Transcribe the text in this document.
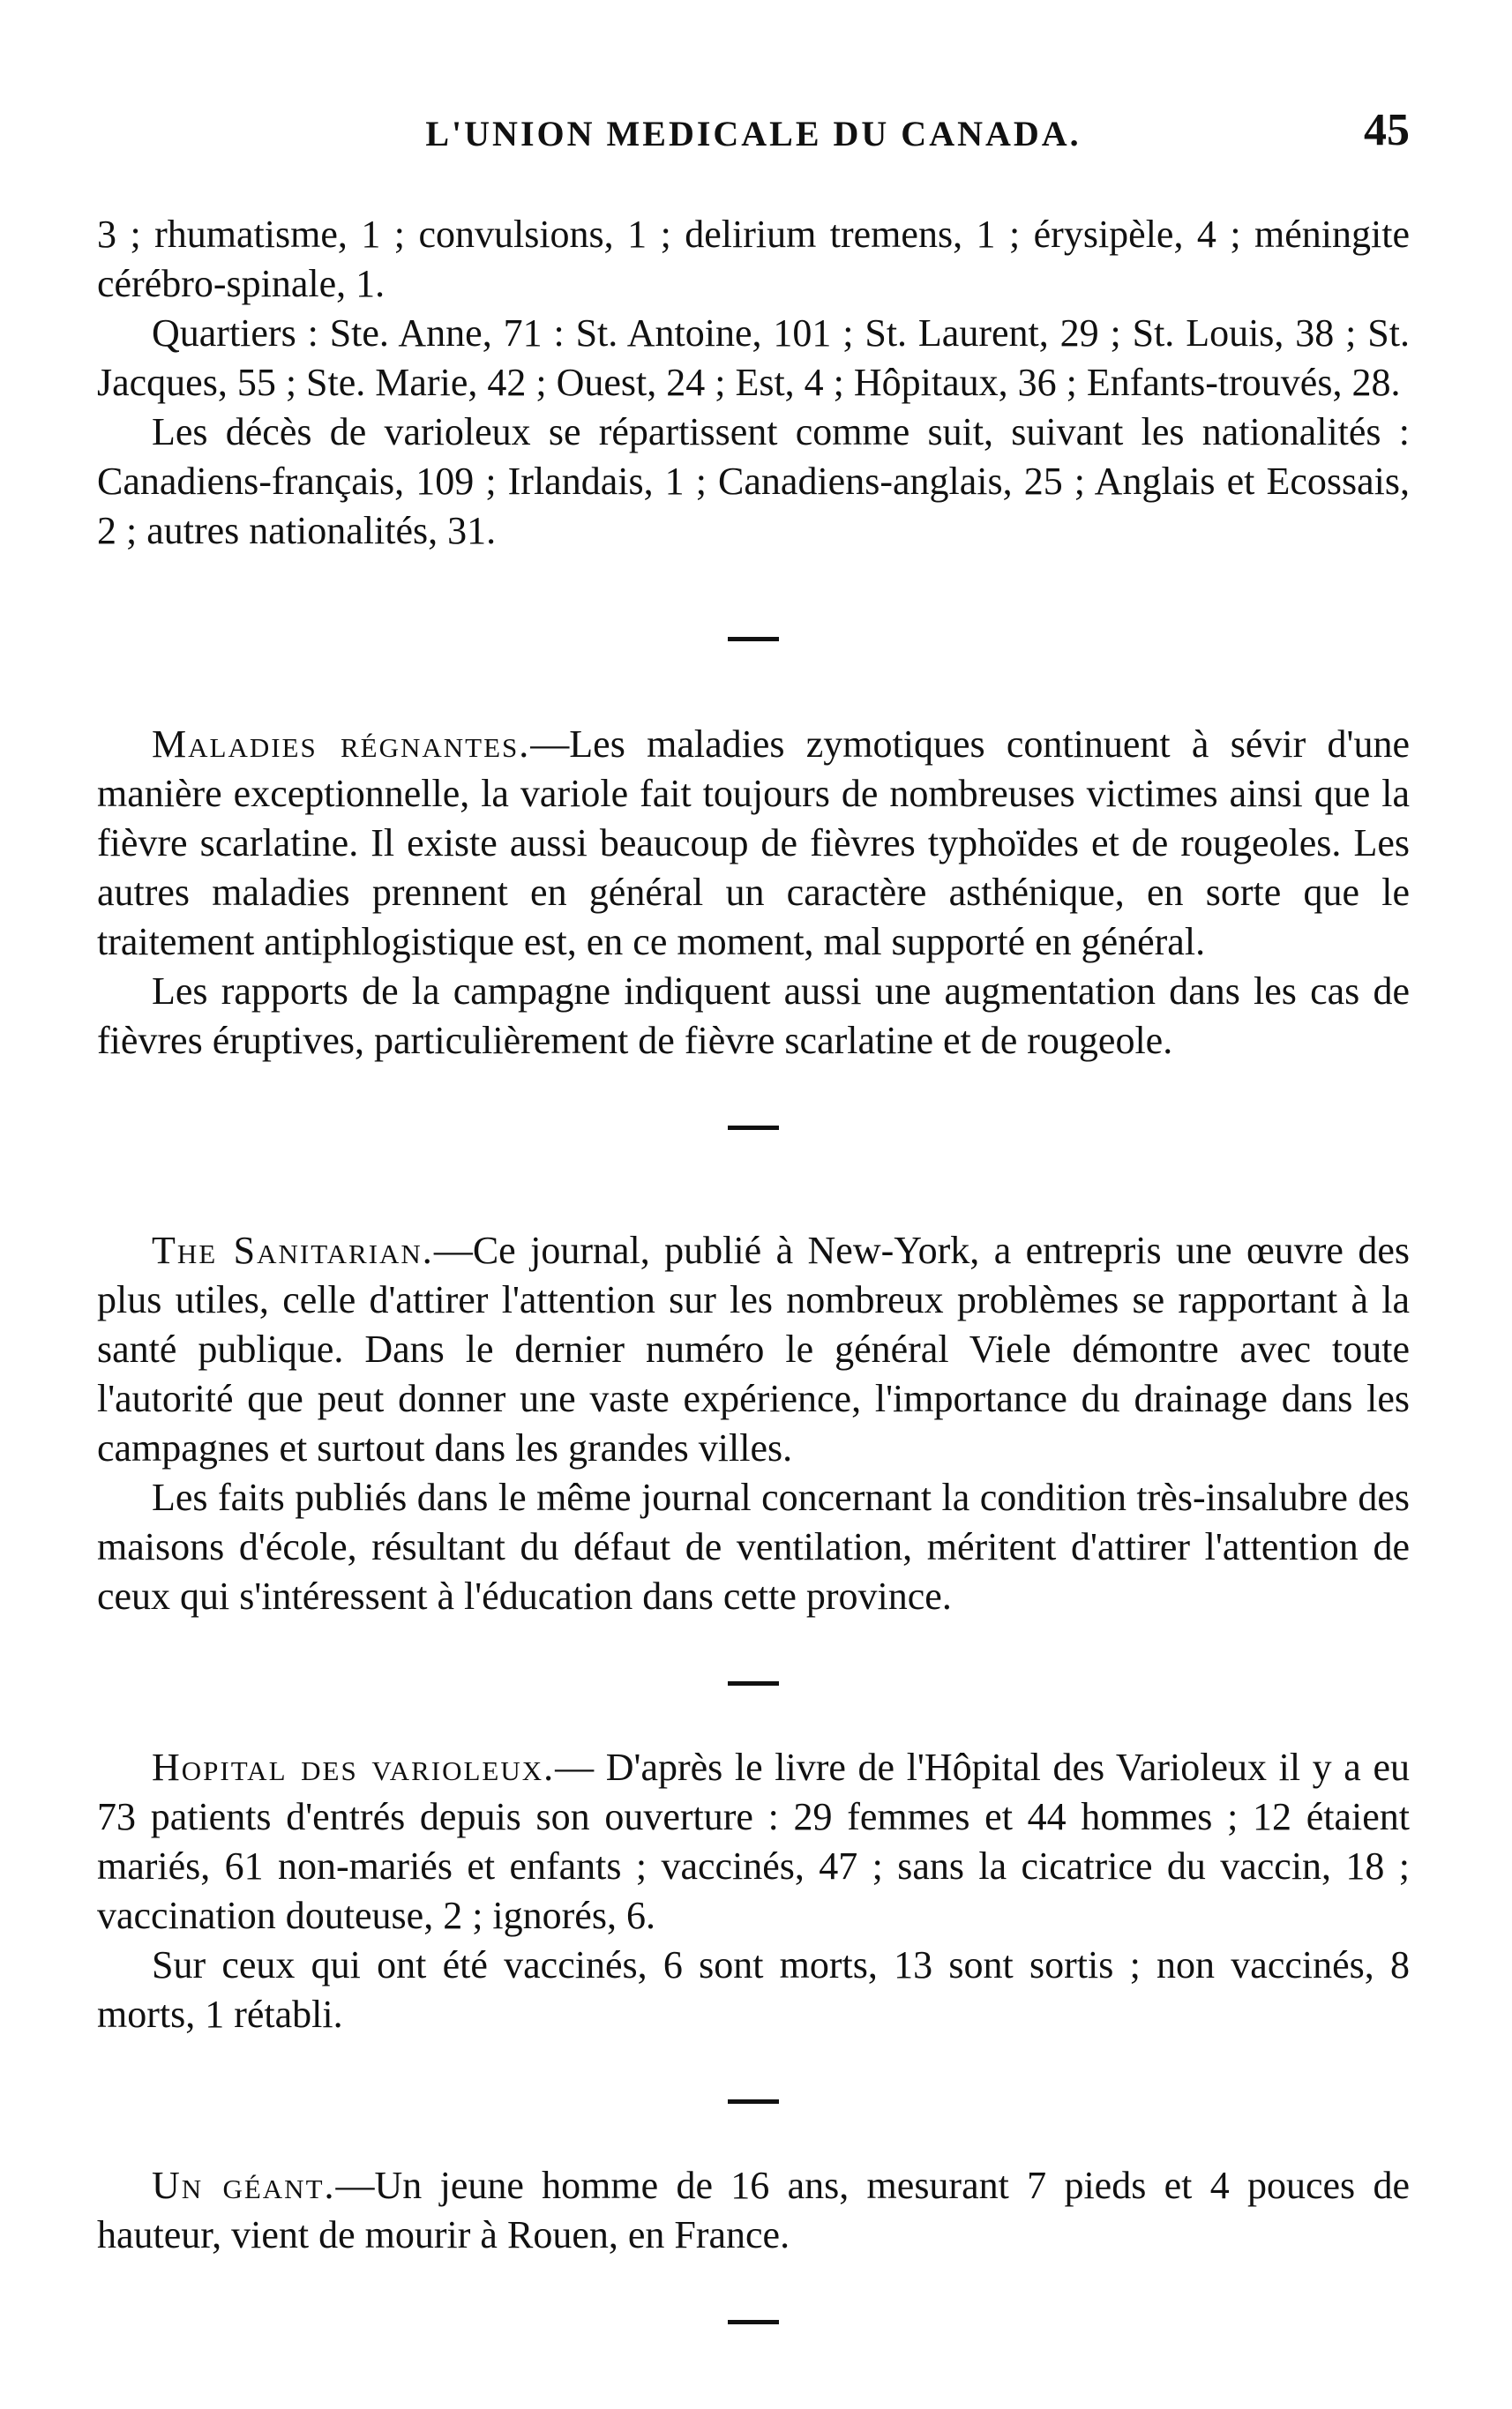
L'UNION MEDICALE DU CANADA.	45

3 ; rhumatisme, 1 ; convulsions, 1 ; delirium tremens, 1 ; érysipèle, 4 ; méningite cérébro-spinale, 1.

Quartiers : Ste. Anne, 71 : St. Antoine, 101 ; St. Laurent, 29 ; St. Louis, 38 ; St. Jacques, 55 ; Ste. Marie, 42 ; Ouest, 24 ; Est, 4 ; Hôpitaux, 36 ; Enfants-trouvés, 28.

Les décès de varioleux se répartissent comme suit, suivant les nationalités : Canadiens-français, 109 ; Irlandais, 1 ; Canadiens-anglais, 25 ; Anglais et Ecossais, 2 ; autres nationalités, 31.

Maladies régnantes.—Les maladies zymotiques continuent à sévir d'une manière exceptionnelle, la variole fait toujours de nombreuses victimes ainsi que la fièvre scarlatine. Il existe aussi beaucoup de fièvres typhoïdes et de rougeoles. Les autres maladies prennent en général un caractère asthénique, en sorte que le traitement antiphlogistique est, en ce moment, mal supporté en général.

Les rapports de la campagne indiquent aussi une augmentation dans les cas de fièvres éruptives, particulièrement de fièvre scarlatine et de rougeole.

The Sanitarian.—Ce journal, publié à New-York, a entrepris une œuvre des plus utiles, celle d'attirer l'attention sur les nombreux problèmes se rapportant à la santé publique. Dans le dernier numéro le général Viele démontre avec toute l'autorité que peut donner une vaste expérience, l'importance du drainage dans les campagnes et surtout dans les grandes villes.

Les faits publiés dans le même journal concernant la condition très-insalubre des maisons d'école, résultant du défaut de ventilation, méritent d'attirer l'attention de ceux qui s'intéressent à l'éducation dans cette province.

Hopital des varioleux.— D'après le livre de l'Hôpital des Varioleux il y a eu 73 patients d'entrés depuis son ouverture : 29 femmes et 44 hommes ; 12 étaient mariés, 61 non-mariés et enfants ; vaccinés, 47 ; sans la cicatrice du vaccin, 18 ; vaccination douteuse, 2 ; ignorés, 6.

Sur ceux qui ont été vaccinés, 6 sont morts, 13 sont sortis ; non vaccinés, 8 morts, 1 rétabli.

Un géant.—Un jeune homme de 16 ans, mesurant 7 pieds et 4 pouces de hauteur, vient de mourir à Rouen, en France.
